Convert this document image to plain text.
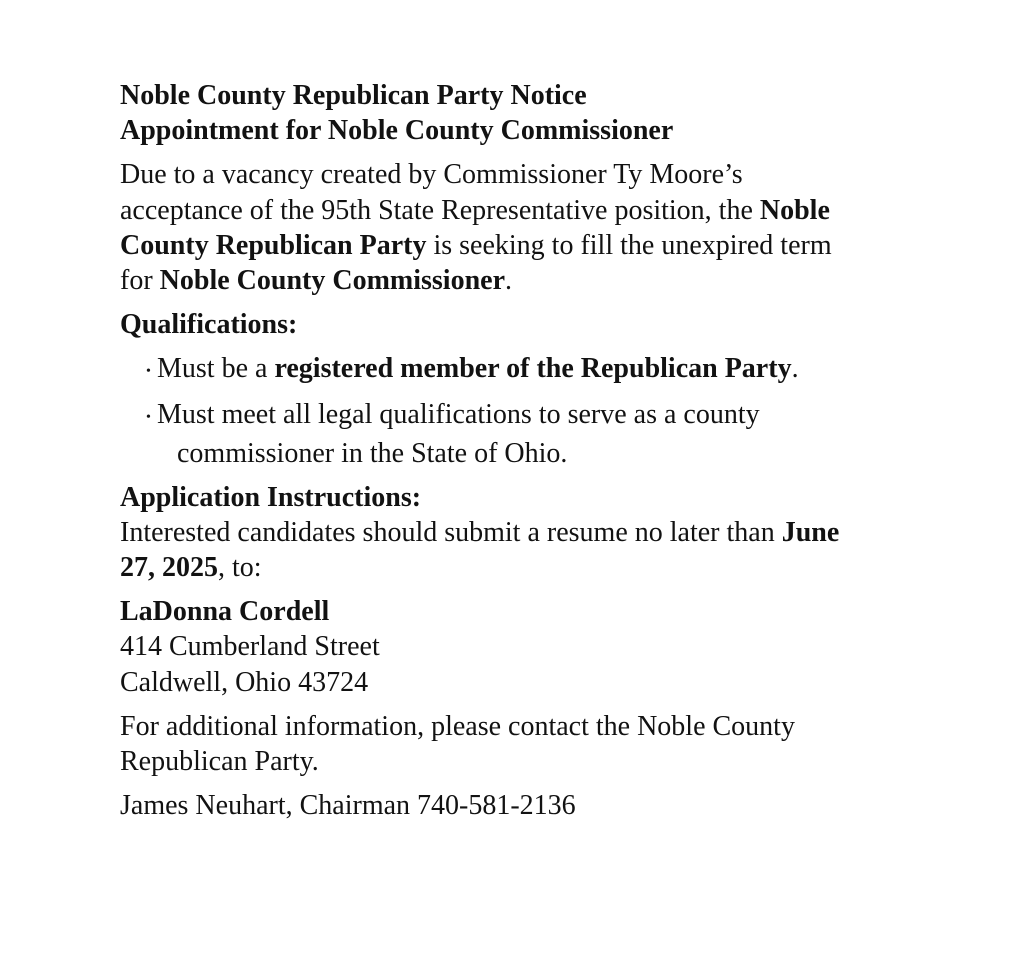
Noble County Republican Party Notice
Appointment for Noble County Commissioner
Due to a vacancy created by Commissioner Ty Moore’s
acceptance of the 95th State Representative position, the Noble
County Republican Party is seeking to fill the unexpired term
for Noble County Commissioner.
Qualifications:
• Must be a registered member of the Republican Party.
• Must meet all legal qualifications to serve as a county
commissioner in the State of Ohio.
Application Instructions:
Interested candidates should submit a resume no later than June
27, 2025, to:
LaDonna Cordell
414 Cumberland Street
Caldwell, Ohio 43724
For additional information, please contact the Noble County
Republican Party.
James Neuhart, Chairman 740-581-2136
